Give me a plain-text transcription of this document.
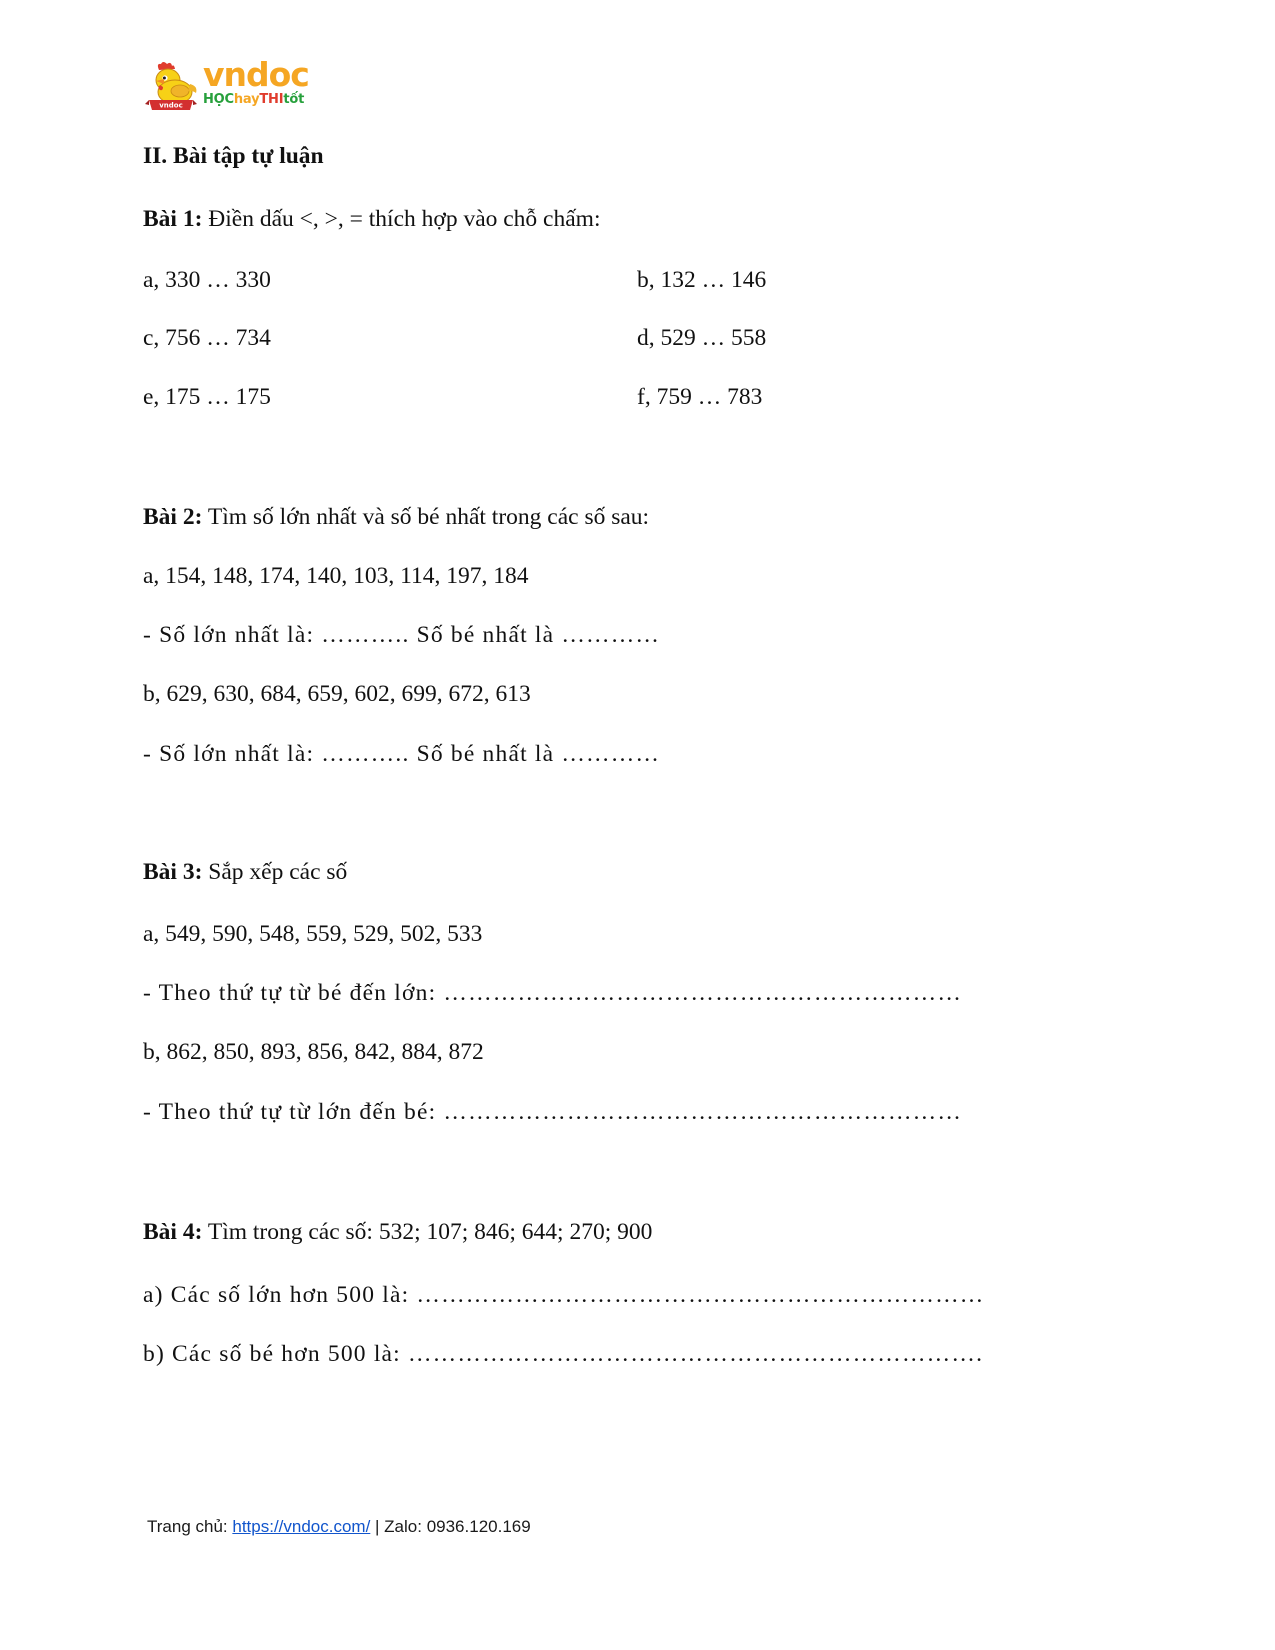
vndoc
vndoc
HỌChayTHItốt
II. Bài tập tự luận
Bài 1: Điền dấu <, >, = thích hợp vào chỗ chấm:
a, 330 … 330	b, 132 … 146
c, 756 … 734	d, 529 … 558
e, 175 … 175	f, 759 … 783
Bài 2: Tìm số lớn nhất và số bé nhất trong các số sau:
a, 154, 148, 174, 140, 103, 114, 197, 184
- Số lớn nhất là: ……….. Số bé nhất là …………
b, 629, 630, 684, 659, 602, 699, 672, 613
- Số lớn nhất là: ……….. Số bé nhất là …………
Bài 3: Sắp xếp các số
a, 549, 590, 548, 559, 529, 502, 533
- Theo thứ tự từ bé đến lớn: ………………………………………………………
b, 862, 850, 893, 856, 842, 884, 872
- Theo thứ tự từ lớn đến bé: ………………………………………………………
Bài 4: Tìm trong các số: 532; 107; 846; 644; 270; 900
a) Các số lớn hơn 500 là: ……………………………………………………………
b) Các số bé hơn 500 là: …………………………………………………………….
Trang chủ: https://vndoc.com/ | Zalo: 0936.120.169
